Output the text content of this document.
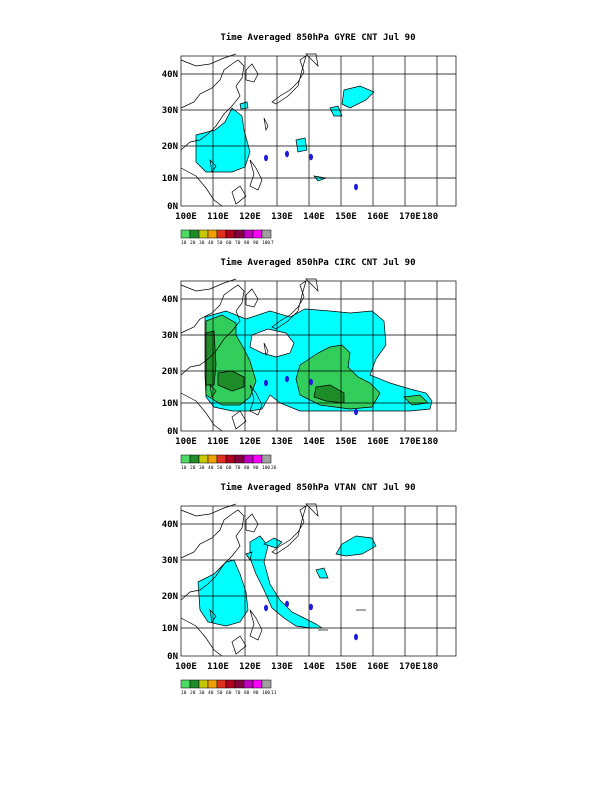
Time Averaged 850hPa GYRE CNT Jul 90
40N
30N
20N
10N
0N
100E 110E 120E 130E 140E 150E 160E 170E 180
10 20 30 40 50 60 70 80 90 100 7
Time Averaged 850hPa CIRC CNT Jul 90
40N
30N
20N
10N
0N
100E 110E 120E 130E 140E 150E 160E 170E 180
10 20 30 40 50 60 70 80 90 100 26
Time Averaged 850hPa VTAN CNT Jul 90
40N
30N
20N
10N
0N
100E 110E 120E 130E 140E 150E 160E 170E 180
10 20 30 40 50 60 70 80 90 100 11
